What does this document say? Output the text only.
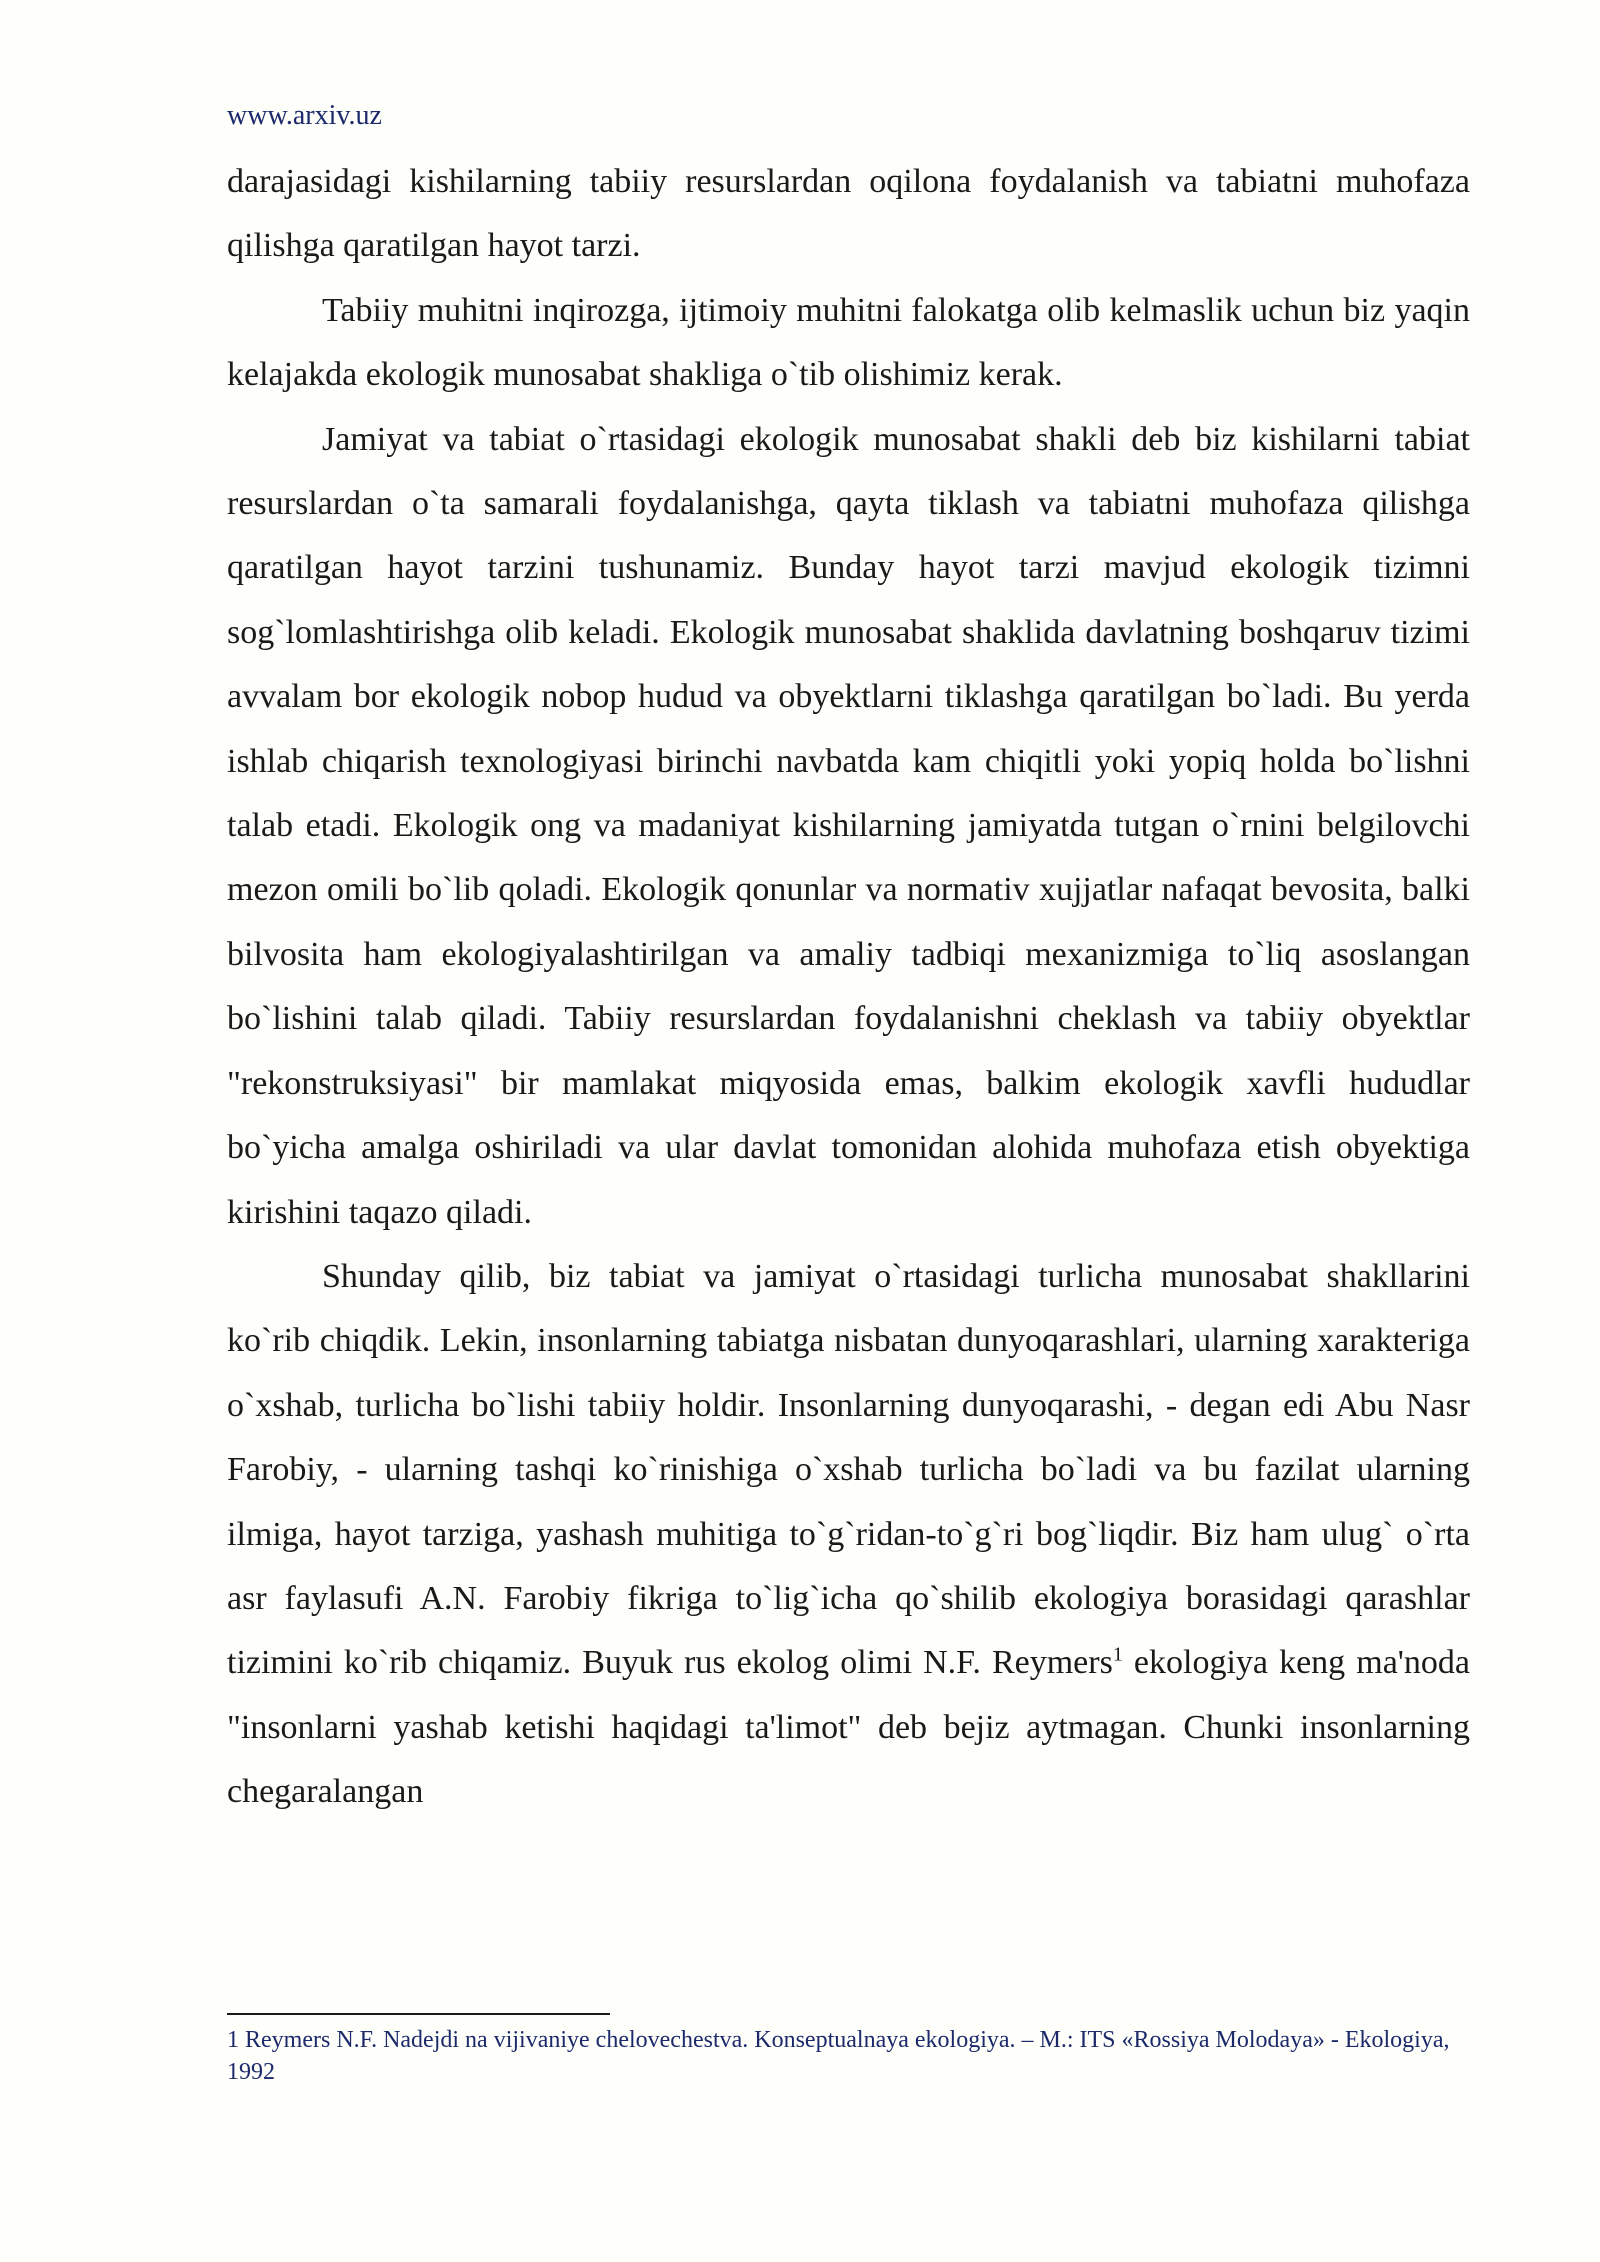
www.arxiv.uz

darajasidagi kishilarning tabiiy resurslardan oqilona foydalanish va tabiatni muhofaza qilishga qaratilgan hayot tarzi.

Tabiiy muhitni inqirozga, ijtimoiy muhitni falokatga olib kelmaslik uchun biz yaqin kelajakda ekologik munosabat shakliga o`tib olishimiz kerak.

Jamiyat va tabiat o`rtasidagi ekologik munosabat shakli deb biz kishilarni tabiat resurslardan o`ta samarali foydalanishga, qayta tiklash va tabiatni muhofaza qilishga qaratilgan hayot tarzini tushunamiz. Bunday hayot tarzi mavjud ekologik tizimni sog`lomlashtirishga olib keladi. Ekologik munosabat shaklida davlatning boshqaruv tizimi avvalam bor ekologik nobop hudud va obyektlarni tiklashga qaratilgan bo`ladi. Bu yerda ishlab chiqarish texnologiyasi birinchi navbatda kam chiqitli yoki yopiq holda bo`lishni talab etadi. Ekologik ong va madaniyat kishilarning jamiyatda tutgan o`rnini belgilovchi mezon omili bo`lib qoladi. Ekologik qonunlar va normativ xujjatlar nafaqat bevosita, balki bilvosita ham ekologiyalashtirilgan va amaliy tadbiqi mexanizmiga to`liq asoslangan bo`lishini talab qiladi. Tabiiy resurslardan foydalanishni cheklash va tabiiy obyektlar "rekonstruksiyasi" bir mamlakat miqyosida emas, balkim ekologik xavfli hududlar bo`yicha amalga oshiriladi va ular davlat tomonidan alohida muhofaza etish obyektiga kirishini taqazo qiladi.

Shunday qilib, biz tabiat va jamiyat o`rtasidagi turlicha munosabat shakllarini ko`rib chiqdik. Lekin, insonlarning tabiatga nisbatan dunyoqarashlari, ularning xarakteriga o`xshab, turlicha bo`lishi tabiiy holdir. Insonlarning dunyoqarashi, - degan edi Abu Nasr Farobiy, - ularning tashqi ko`rinishiga o`xshab turlicha bo`ladi va bu fazilat ularning ilmiga, hayot tarziga, yashash muhitiga to`g`ridan-to`g`ri bog`liqdir. Biz ham ulug` o`rta asr faylasufi A.N. Farobiy fikriga to`lig`icha qo`shilib ekologiya borasidagi qarashlar tizimini ko`rib chiqamiz. Buyuk rus ekolog olimi N.F. Reymers$^1$ ekologiya keng ma'noda "insonlarni yashab ketishi haqidagi ta'limot" deb bejiz aytmagan. Chunki insonlarning chegaralangan

1 Reymers N.F. Nadejdi na vijivaniye chelovechestva. Konseptualnaya ekologiya. – M.: ITS «Rossiya Molodaya» - Ekologiya, 1992
